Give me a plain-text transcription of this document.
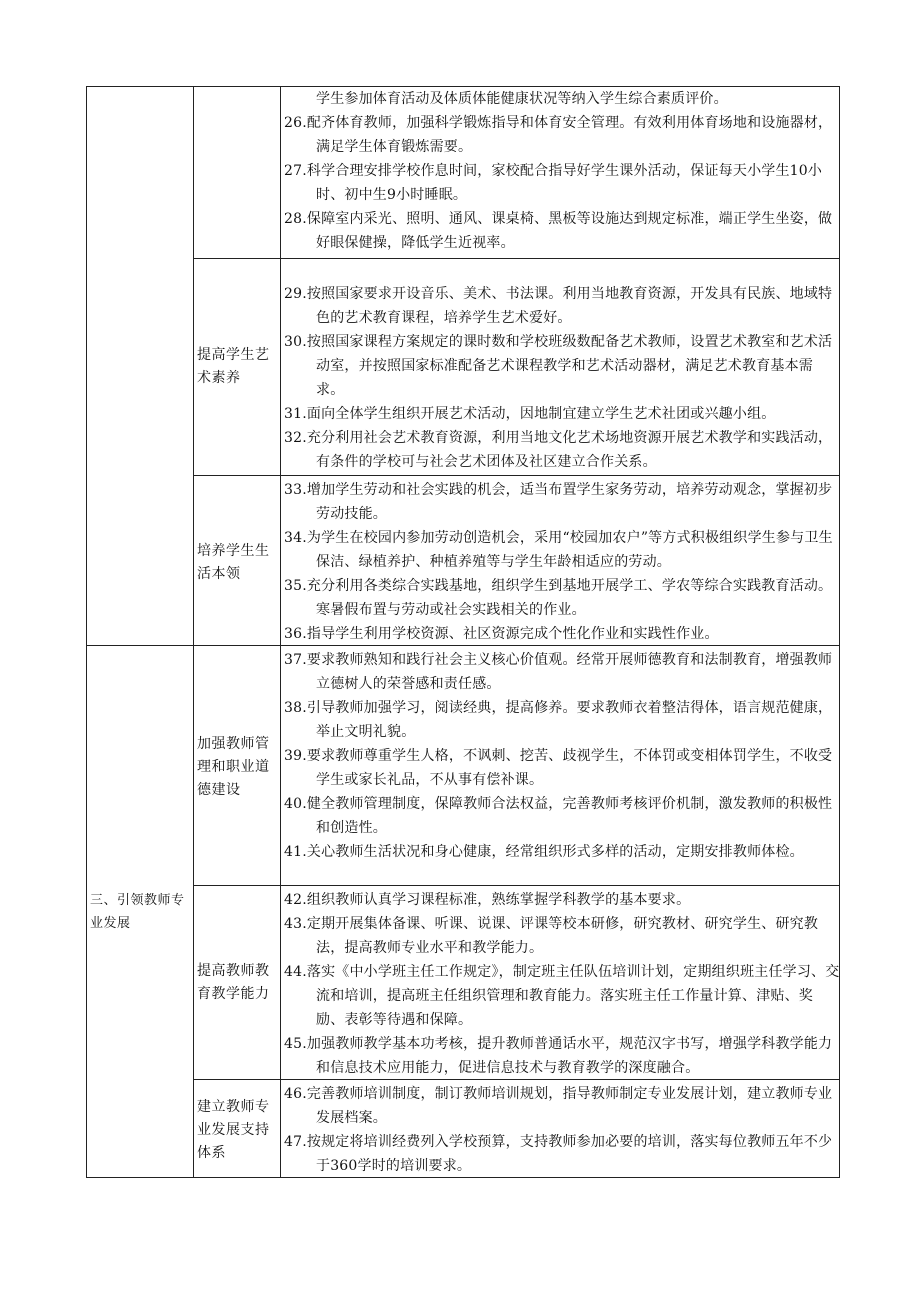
三、引领教师专业发展

学生参加体育活动及体质体能健康状况等纳入学生综合素质评价。

26.配齐体育教师，加强科学锻炼指导和体育安全管理。有效利用体育场地和设施器材，满足学生体育锻炼需要。

27.科学合理安排学校作息时间，家校配合指导好学生课外活动，保证每天小学生10小时、初中生9小时睡眠。

28.保障室内采光、照明、通风、课桌椅、黑板等设施达到规定标准，端正学生坐姿，做好眼保健操，降低学生近视率。

提高学生艺术素养

29.按照国家要求开设音乐、美术、书法课。利用当地教育资源，开发具有民族、地域特色的艺术教育课程，培养学生艺术爱好。

30.按照国家课程方案规定的课时数和学校班级数配备艺术教师，设置艺术教室和艺术活动室，并按照国家标准配备艺术课程教学和艺术活动器材，满足艺术教育基本需求。

31.面向全体学生组织开展艺术活动，因地制宜建立学生艺术社团或兴趣小组。

32.充分利用社会艺术教育资源，利用当地文化艺术场地资源开展艺术教学和实践活动，有条件的学校可与社会艺术团体及社区建立合作关系。

培养学生生活本领

33.增加学生劳动和社会实践的机会，适当布置学生家务劳动，培养劳动观念，掌握初步劳动技能。

34.为学生在校园内参加劳动创造机会，采用“校园加农户”等方式积极组织学生参与卫生保洁、绿植养护、种植养殖等与学生年龄相适应的劳动。

35.充分利用各类综合实践基地，组织学生到基地开展学工、学农等综合实践教育活动。寒暑假布置与劳动或社会实践相关的作业。

36.指导学生利用学校资源、社区资源完成个性化作业和实践性作业。

加强教师管理和职业道德建设

37.要求教师熟知和践行社会主义核心价值观。经常开展师德教育和法制教育，增强教师立德树人的荣誉感和责任感。

38.引导教师加强学习，阅读经典，提高修养。要求教师衣着整洁得体，语言规范健康，举止文明礼貌。

39.要求教师尊重学生人格，不讽刺、挖苦、歧视学生，不体罚或变相体罚学生，不收受学生或家长礼品，不从事有偿补课。

40.健全教师管理制度，保障教师合法权益，完善教师考核评价机制，激发教师的积极性和创造性。

41.关心教师生活状况和身心健康，经常组织形式多样的活动，定期安排教师体检。

提高教师教育教学能力

42.组织教师认真学习课程标准，熟练掌握学科教学的基本要求。

43.定期开展集体备课、听课、说课、评课等校本研修，研究教材、研究学生、研究教法，提高教师专业水平和教学能力。

44.落实《中小学班主任工作规定》，制定班主任队伍培训计划，定期组织班主任学习、交流和培训，提高班主任组织管理和教育能力。落实班主任工作量计算、津贴、奖励、表彰等待遇和保障。

45.加强教师教学基本功考核，提升教师普通话水平，规范汉字书写，增强学科教学能力和信息技术应用能力，促进信息技术与教育教学的深度融合。

建立教师专业发展支持体系

46.完善教师培训制度，制订教师培训规划，指导教师制定专业发展计划，建立教师专业发展档案。

47.按规定将培训经费列入学校预算，支持教师参加必要的培训，落实每位教师五年不少于360学时的培训要求。
